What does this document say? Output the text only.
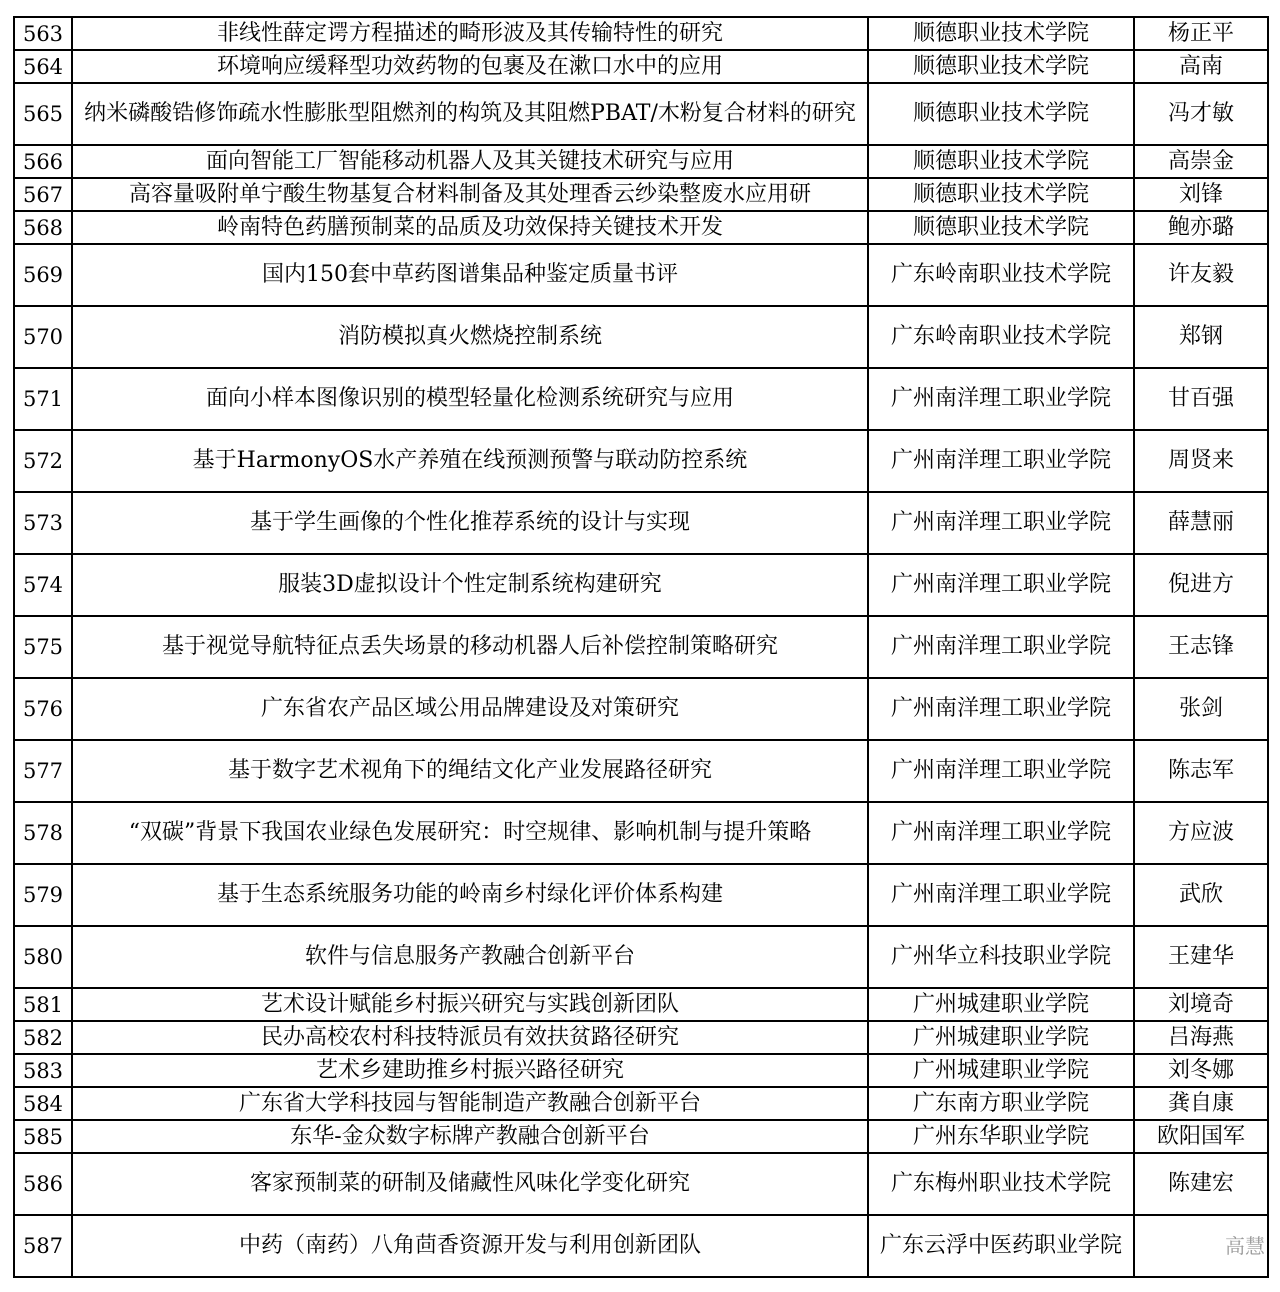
563	非线性薛定谔方程描述的畸形波及其传输特性的研究	顺德职业技术学院	杨正平
564	环境响应缓释型功效药物的包裹及在漱口水中的应用	顺德职业技术学院	高南
565	纳米磷酸锆修饰疏水性膨胀型阻燃剂的构筑及其阻燃PBAT/木粉复合材料的研究	顺德职业技术学院	冯才敏
566	面向智能工厂智能移动机器人及其关键技术研究与应用	顺德职业技术学院	高崇金
567	高容量吸附单宁酸生物基复合材料制备及其处理香云纱染整废水应用研	顺德职业技术学院	刘锋
568	岭南特色药膳预制菜的品质及功效保持关键技术开发	顺德职业技术学院	鲍亦璐
569	国内150套中草药图谱集品种鉴定质量书评	广东岭南职业技术学院	许友毅
570	消防模拟真火燃烧控制系统	广东岭南职业技术学院	郑钢
571	面向小样本图像识别的模型轻量化检测系统研究与应用	广州南洋理工职业学院	甘百强
572	基于HarmonyOS水产养殖在线预测预警与联动防控系统	广州南洋理工职业学院	周贤来
573	基于学生画像的个性化推荐系统的设计与实现	广州南洋理工职业学院	薛慧丽
574	服装3D虚拟设计个性定制系统构建研究	广州南洋理工职业学院	倪进方
575	基于视觉导航特征点丢失场景的移动机器人后补偿控制策略研究	广州南洋理工职业学院	王志锋
576	广东省农产品区域公用品牌建设及对策研究	广州南洋理工职业学院	张剑
577	基于数字艺术视角下的绳结文化产业发展路径研究	广州南洋理工职业学院	陈志军
578	“双碳”背景下我国农业绿色发展研究：时空规律、影响机制与提升策略	广州南洋理工职业学院	方应波
579	基于生态系统服务功能的岭南乡村绿化评价体系构建	广州南洋理工职业学院	武欣
580	软件与信息服务产教融合创新平台	广州华立科技职业学院	王建华
581	艺术设计赋能乡村振兴研究与实践创新团队	广州城建职业学院	刘境奇
582	民办高校农村科技特派员有效扶贫路径研究	广州城建职业学院	吕海燕
583	艺术乡建助推乡村振兴路径研究	广州城建职业学院	刘冬娜
584	广东省大学科技园与智能制造产教融合创新平台	广东南方职业学院	龚自康
585	东华-金众数字标牌产教融合创新平台	广州东华职业学院	欧阳国军
586	客家预制菜的研制及储藏性风味化学变化研究	广东梅州职业技术学院	陈建宏
587	中药（南药）八角茴香资源开发与利用创新团队	广东云浮中医药职业学院	高慧
